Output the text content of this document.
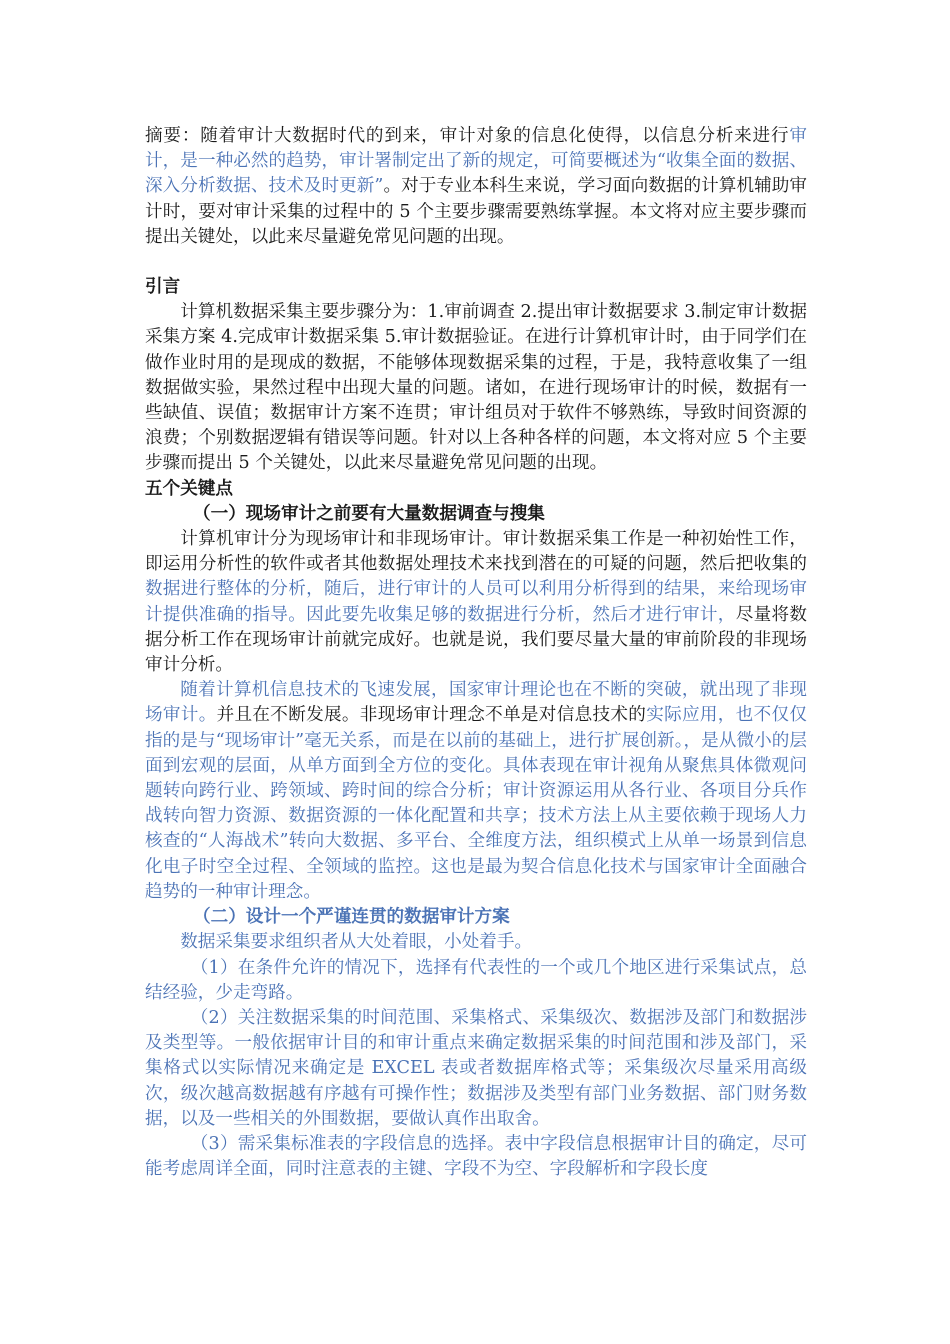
摘要：随着审计大数据时代的到来，审计对象的信息化使得，以信息分析来进行审计，是一种必然的趋势，审计署制定出了新的规定，可简要概述为“收集全面的数据、深入分析数据、技术及时更新”。对于专业本科生来说，学习面向数据的计算机辅助审计时，要对审计采集的过程中的 5 个主要步骤需要熟练掌握。本文将对应主要步骤而提出关键处，以此来尽量避免常见问题的出现。

引言

计算机数据采集主要步骤分为：1.审前调查 2.提出审计数据要求 3.制定审计数据采集方案 4.完成审计数据采集 5.审计数据验证。在进行计算机审计时，由于同学们在做作业时用的是现成的数据，不能够体现数据采集的过程，于是，我特意收集了一组数据做实验，果然过程中出现大量的问题。诸如，在进行现场审计的时候，数据有一些缺值、误值；数据审计方案不连贯；审计组员对于软件不够熟练，导致时间资源的浪费；个别数据逻辑有错误等问题。针对以上各种各样的问题，本文将对应 5 个主要步骤而提出 5 个关键处，以此来尽量避免常见问题的出现。

五个关键点

（一）现场审计之前要有大量数据调查与搜集

计算机审计分为现场审计和非现场审计。审计数据采集工作是一种初始性工作，即运用分析性的软件或者其他数据处理技术来找到潜在的可疑的问题，然后把收集的数据进行整体的分析，随后，进行审计的人员可以利用分析得到的结果，来给现场审计提供准确的指导。因此要先收集足够的数据进行分析，然后才进行审计，尽量将数据分析工作在现场审计前就完成好。也就是说，我们要尽量大量的审前阶段的非现场审计分析。

随着计算机信息技术的飞速发展，国家审计理论也在不断的突破，就出现了非现场审计。并且在不断发展。非现场审计理念不单是对信息技术的实际应用，也不仅仅指的是与“现场审计”毫无关系，而是在以前的基础上，进行扩展创新。，是从微小的层面到宏观的层面，从单方面到全方位的变化。具体表现在审计视角从聚焦具体微观问题转向跨行业、跨领域、跨时间的综合分析；审计资源运用从各行业、各项目分兵作战转向智力资源、数据资源的一体化配置和共享；技术方法上从主要依赖于现场人力核查的“人海战术”转向大数据、多平台、全维度方法，组织模式上从单一场景到信息化电子时空全过程、全领域的监控。这也是最为契合信息化技术与国家审计全面融合趋势的一种审计理念。

（二）设计一个严谨连贯的数据审计方案

数据采集要求组织者从大处着眼，小处着手。

（1）在条件允许的情况下，选择有代表性的一个或几个地区进行采集试点，总结经验，少走弯路。

（2）关注数据采集的时间范围、采集格式、采集级次、数据涉及部门和数据涉及类型等。一般依据审计目的和审计重点来确定数据采集的时间范围和涉及部门，采集格式以实际情况来确定是 EXCEL 表或者数据库格式等；采集级次尽量采用高级次，级次越高数据越有序越有可操作性；数据涉及类型有部门业务数据、部门财务数据，以及一些相关的外围数据，要做认真作出取舍。

（3）需采集标准表的字段信息的选择。表中字段信息根据审计目的确定，尽可能考虑周详全面，同时注意表的主键、字段不为空、字段解析和字段长度
